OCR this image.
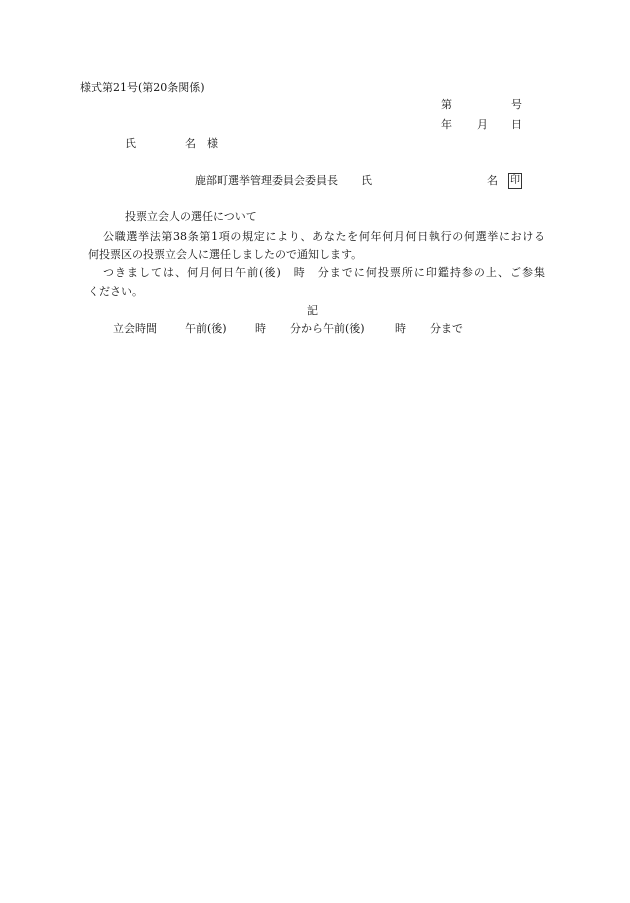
様式第21号(第20条関係)
第	号
年 月 日
氏	名 様
鹿部町選挙管理委員会委員長 氏	名 印
投票立会人の選任について
公職選挙法第38条第1項の規定により、あなたを何年何月何日執行の何選挙における
何投票区の投票立会人に選任しましたので通知します。
つきましては、何月何日午前(後)　時　分までに何投票所に印鑑持参の上、ご参集
ください。
記
立会時間	午前(後)	時 分から午前(後)	時 分まで
